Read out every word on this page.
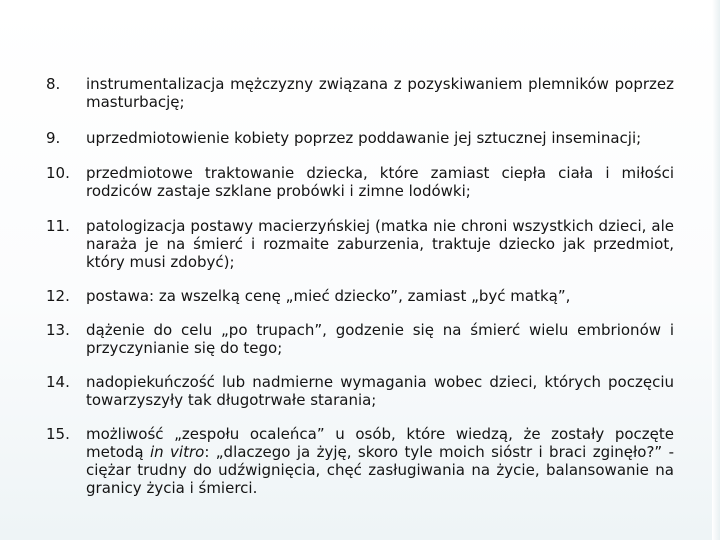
8. instrumentalizacja mężczyzny związana z pozyskiwaniem plemników poprzez masturbację;
9. uprzedmiotowienie kobiety poprzez poddawanie jej sztucznej inseminacji;
10. przedmiotowe traktowanie dziecka, które zamiast ciepła ciała i miłości rodziców zastaje szklane probówki i zimne lodówki;
11. patologizacja postawy macierzyńskiej (matka nie chroni wszystkich dzieci, ale naraża je na śmierć i rozmaite zaburzenia, traktuje dziecko jak przedmiot, który musi zdobyć);
12. postawa: za wszelką cenę „mieć dziecko”, zamiast „być matką”,
13. dążenie do celu „po trupach”, godzenie się na śmierć wielu embrionów i przyczynianie się do tego;
14. nadopiekuńczość lub nadmierne wymagania wobec dzieci, których poczęciu towarzyszyły tak długotrwałe starania;
15. możliwość „zespołu ocaleńca” u osób, które wiedzą, że zostały poczęte metodą in vitro: „dlaczego ja żyję, skoro tyle moich sióstr i braci zginęło?” - ciężar trudny do udźwignięcia, chęć zasługiwania na życie, balansowanie na granicy życia i śmierci.
